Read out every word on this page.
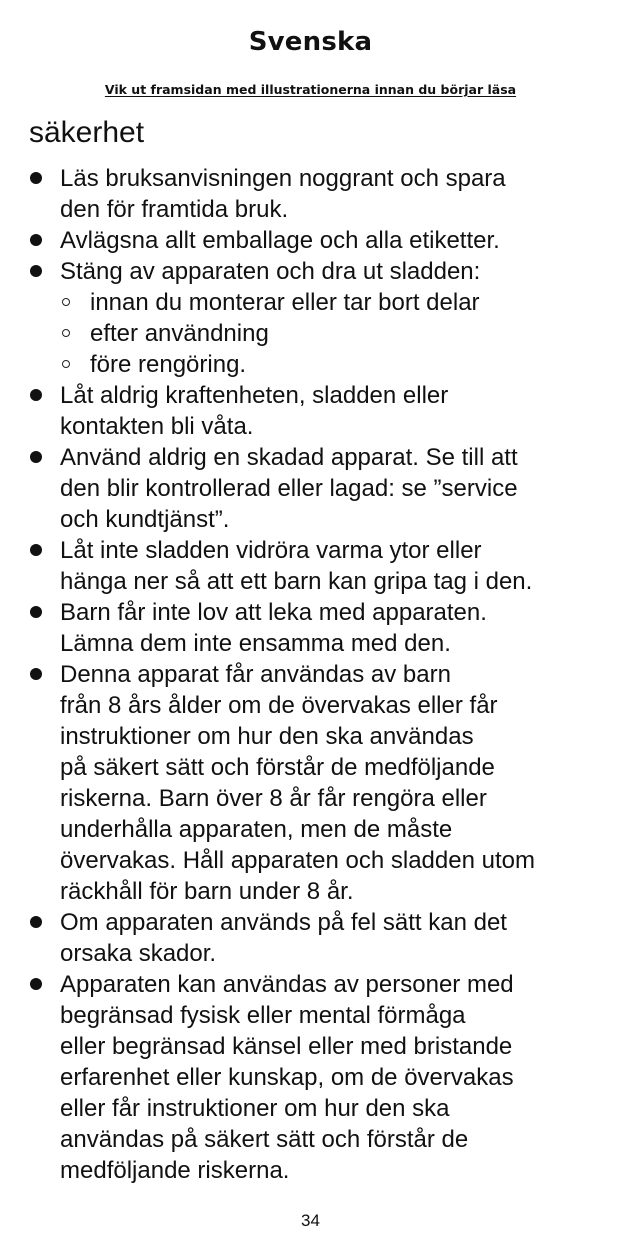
Svenska
Vik ut framsidan med illustrationerna innan du börjar läsa
säkerhet
Läs bruksanvisningen noggrant och spara
den för framtida bruk.
Avlägsna allt emballage och alla etiketter.
Stäng av apparaten och dra ut sladden:
innan du monterar eller tar bort delar
efter användning
före rengöring.
Låt aldrig kraftenheten, sladden eller
kontakten bli våta.
Använd aldrig en skadad apparat. Se till att
den blir kontrollerad eller lagad: se ”service
och kundtjänst”.
Låt inte sladden vidröra varma ytor eller
hänga ner så att ett barn kan gripa tag i den.
Barn får inte lov att leka med apparaten.
Lämna dem inte ensamma med den.
Denna apparat får användas av barn
från 8 års ålder om de övervakas eller får
instruktioner om hur den ska användas
på säkert sätt och förstår de medföljande
riskerna. Barn över 8 år får rengöra eller
underhålla apparaten, men de måste
övervakas. Håll apparaten och sladden utom
räckhåll för barn under 8 år.
Om apparaten används på fel sätt kan det
orsaka skador.
Apparaten kan användas av personer med
begränsad fysisk eller mental förmåga
eller begränsad känsel eller med bristande
erfarenhet eller kunskap, om de övervakas
eller får instruktioner om hur den ska
användas på säkert sätt och förstår de
medföljande riskerna.
34
